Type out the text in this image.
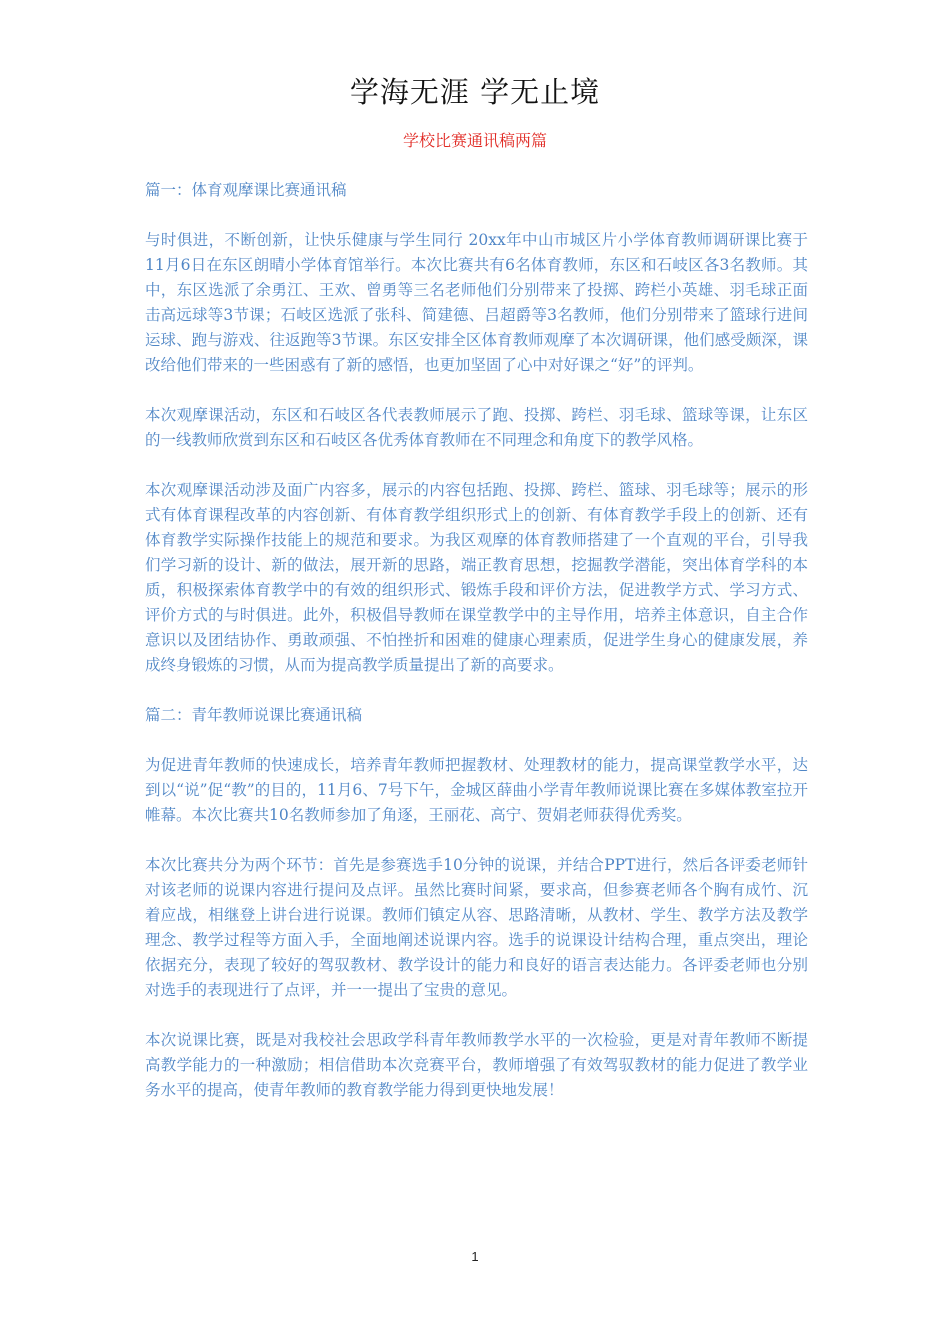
学海无涯 学无止境
学校比赛通讯稿两篇

篇一：体育观摩课比赛通讯稿

与时俱进，不断创新，让快乐健康与学生同行 20xx年中山市城区片小学体育教师调研课比赛于11月6日在东区朗晴小学体育馆举行。本次比赛共有6名体育教师，东区和石岐区各3名教师。其中，东区选派了余勇江、王欢、曾勇等三名老师他们分别带来了投掷、跨栏小英雄、羽毛球正面击高远球等3节课；石岐区选派了张科、简建德、吕超爵等3名教师，他们分别带来了篮球行进间运球、跑与游戏、往返跑等3节课。东区安排全区体育教师观摩了本次调研课，他们感受颇深，课改给他们带来的一些困惑有了新的感悟，也更加坚固了心中对好课之“好”的评判。

本次观摩课活动，东区和石岐区各代表教师展示了跑、投掷、跨栏、羽毛球、篮球等课，让东区的一线教师欣赏到东区和石岐区各优秀体育教师在不同理念和角度下的教学风格。

本次观摩课活动涉及面广内容多，展示的内容包括跑、投掷、跨栏、篮球、羽毛球等；展示的形式有体育课程改革的内容创新、有体育教学组织形式上的创新、有体育教学手段上的创新、还有体育教学实际操作技能上的规范和要求。为我区观摩的体育教师搭建了一个直观的平台，引导我们学习新的设计、新的做法，展开新的思路，端正教育思想，挖掘教学潜能，突出体育学科的本质，积极探索体育教学中的有效的组织形式、锻炼手段和评价方法，促进教学方式、学习方式、评价方式的与时俱进。此外，积极倡导教师在课堂教学中的主导作用，培养主体意识，自主合作意识以及团结协作、勇敢顽强、不怕挫折和困难的健康心理素质，促进学生身心的健康发展，养成终身锻炼的习惯，从而为提高教学质量提出了新的高要求。

篇二：青年教师说课比赛通讯稿

为促进青年教师的快速成长，培养青年教师把握教材、处理教材的能力，提高课堂教学水平，达到以“说”促“教”的目的，11月6、7号下午，金城区薛曲小学青年教师说课比赛在多媒体教室拉开帷幕。本次比赛共10名教师参加了角逐，王丽花、高宁、贺娟老师获得优秀奖。

本次比赛共分为两个环节：首先是参赛选手10分钟的说课，并结合PPT进行，然后各评委老师针对该老师的说课内容进行提问及点评。虽然比赛时间紧，要求高，但参赛老师各个胸有成竹、沉着应战，相继登上讲台进行说课。教师们镇定从容、思路清晰，从教材、学生、教学方法及教学理念、教学过程等方面入手，全面地阐述说课内容。选手的说课设计结构合理，重点突出，理论依据充分，表现了较好的驾驭教材、教学设计的能力和良好的语言表达能力。各评委老师也分别对选手的表现进行了点评，并一一提出了宝贵的意见。

本次说课比赛，既是对我校社会思政学科青年教师教学水平的一次检验，更是对青年教师不断提高教学能力的一种激励；相信借助本次竞赛平台，教师增强了有效驾驭教材的能力促进了教学业务水平的提高，使青年教师的教育教学能力得到更快地发展！

1
